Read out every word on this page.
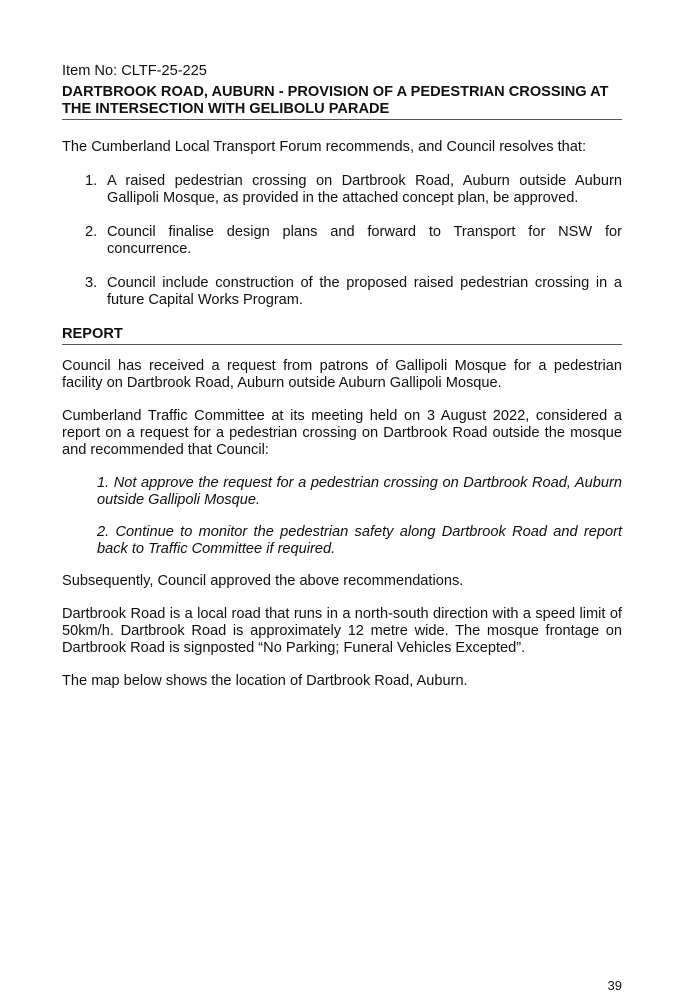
Item No: CLTF-25-225
DARTBROOK ROAD, AUBURN - PROVISION OF A PEDESTRIAN CROSSING AT THE INTERSECTION WITH GELIBOLU PARADE
The Cumberland Local Transport Forum recommends, and Council resolves that:
1. A raised pedestrian crossing on Dartbrook Road, Auburn outside Auburn Gallipoli Mosque, as provided in the attached concept plan, be approved.
2. Council finalise design plans and forward to Transport for NSW for concurrence.
3. Council include construction of the proposed raised pedestrian crossing in a future Capital Works Program.
REPORT

Council has received a request from patrons of Gallipoli Mosque for a pedestrian facility on Dartbrook Road, Auburn outside Auburn Gallipoli Mosque.

Cumberland Traffic Committee at its meeting held on 3 August 2022, considered a report on a request for a pedestrian crossing on Dartbrook Road outside the mosque and recommended that Council:

1. Not approve the request for a pedestrian crossing on Dartbrook Road, Auburn outside Gallipoli Mosque.

2. Continue to monitor the pedestrian safety along Dartbrook Road and report back to Traffic Committee if required.

Subsequently, Council approved the above recommendations.

Dartbrook Road is a local road that runs in a north-south direction with a speed limit of 50km/h. Dartbrook Road is approximately 12 metre wide. The mosque frontage on Dartbrook Road is signposted “No Parking; Funeral Vehicles Excepted”.

The map below shows the location of Dartbrook Road, Auburn.

39
